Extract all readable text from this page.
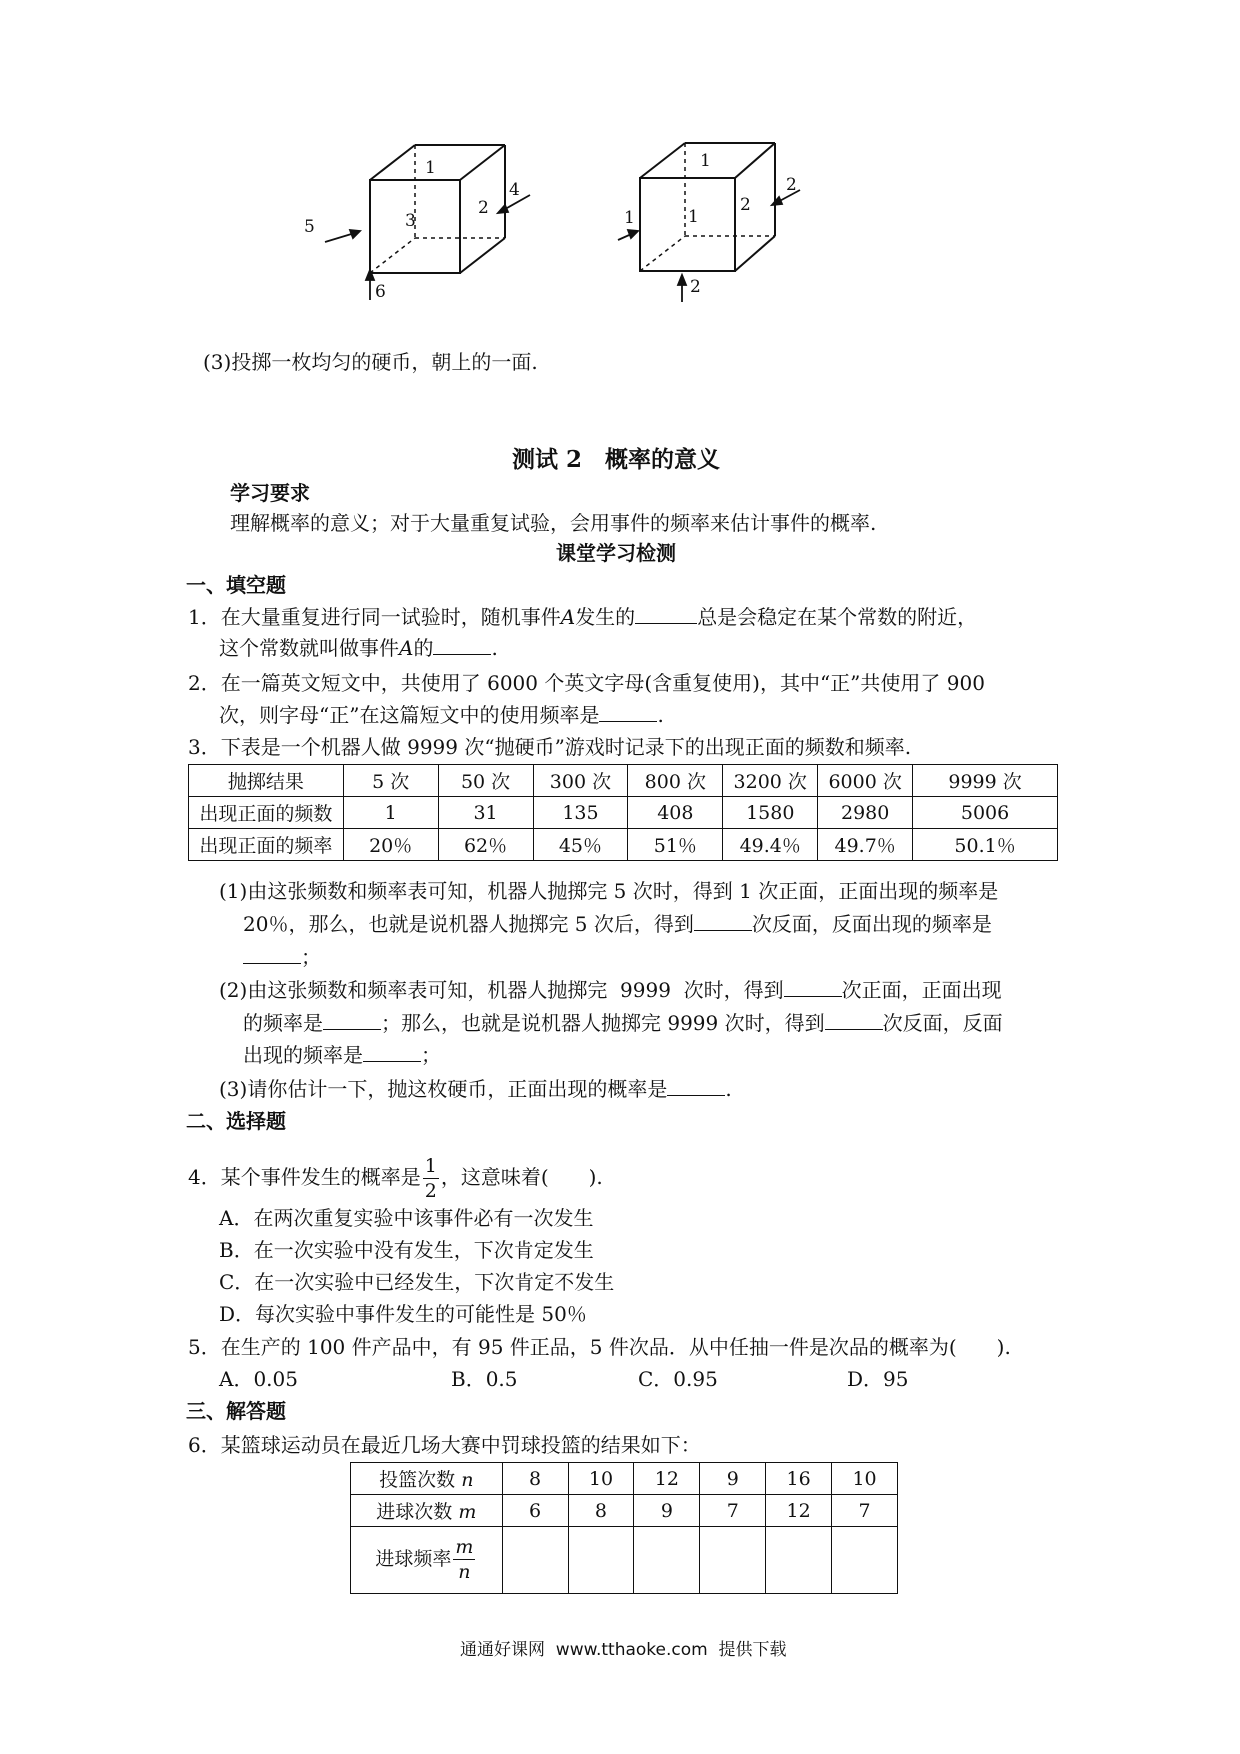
1
2
3
4
5
6
1
2
1
2
1
2
(3)投掷一枚均匀的硬币，朝上的一面.
测试 2　概率的意义
学习要求
理解概率的意义；对于大量重复试验，会用事件的频率来估计事件的概率.
课堂学习检测
一、填空题
1．在大量重复进行同一试验时，随机事件A发生的	总是会稳定在某个常数的附近，
这个常数就叫做事件A的	.
2．在一篇英文短文中，共使用了 6000 个英文字母(含重复使用)，其中“正”共使用了 900
次，则字母“正”在这篇短文中的使用频率是	.
3．下表是一个机器人做 9999 次“抛硬币”游戏时记录下的出现正面的频数和频率.
抛掷结果	5 次	50 次	300 次	800 次	3200 次	6000 次	9999 次
出现正面的频数	1	31	135	408	1580	2980	5006
出现正面的频率	20％	62％	45％	51％	49.4％	49.7％	50.1％
(1)由这张频数和频率表可知，机器人抛掷完 5 次时，得到 1 次正面，正面出现的频率是
20％，那么，也就是说机器人抛掷完 5 次后，得到	次反面，反面出现的频率是
；
(2)由这张频数和频率表可知，机器人抛掷完  9999  次时，得到	次正面，正面出现
的频率是	；那么，也就是说机器人抛掷完 9999 次时，得到	次反面，反面
出现的频率是	；
(3)请你估计一下，抛这枚硬币，正面出现的概率是	.
二、选择题
4．某个事件发生的概率是 $\frac{1}{2}$ ，这意味着(　　).
A．在两次重复实验中该事件必有一次发生
B．在一次实验中没有发生，下次肯定发生
C．在一次实验中已经发生，下次肯定不发生
D．每次实验中事件发生的可能性是 50％
5．在生产的 100 件产品中，有 95 件正品，5 件次品．从中任抽一件是次品的概率为(　　).
A．0.05	B．0.5	C．0.95	D．95
三、解答题
6．某篮球运动员在最近几场大赛中罚球投篮的结果如下：
投篮次数 n	8	10	12	9	16	10
进球次数 m	6	8	9	7	12	7
进球频率 $\frac{m}{n}$

通通好课网  www.tthaoke.com  提供下载
